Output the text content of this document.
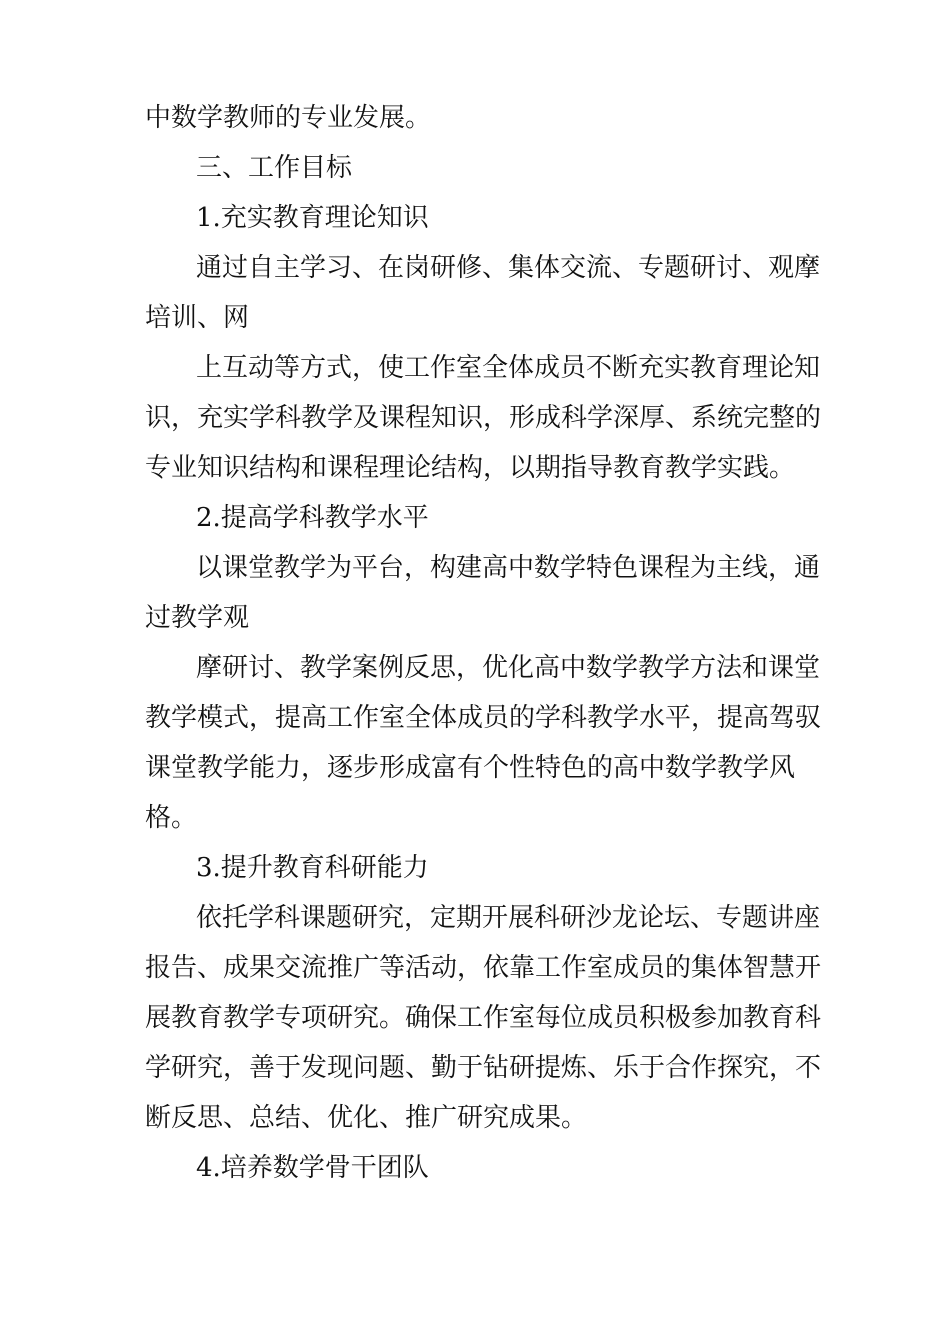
中数学教师的专业发展。

三、工作目标

1.充实教育理论知识

通过自主学习、在岗研修、集体交流、专题研讨、观摩

培训、网

上互动等方式，使工作室全体成员不断充实教育理论知

识，充实学科教学及课程知识，形成科学深厚、系统完整的

专业知识结构和课程理论结构，以期指导教育教学实践。

2.提高学科教学水平

以课堂教学为平台，构建高中数学特色课程为主线，通

过教学观

摩研讨、教学案例反思，优化高中数学教学方法和课堂

教学模式，提高工作室全体成员的学科教学水平，提高驾驭

课堂教学能力，逐步形成富有个性特色的高中数学教学风

格。

3.提升教育科研能力

依托学科课题研究，定期开展科研沙龙论坛、专题讲座

报告、成果交流推广等活动，依靠工作室成员的集体智慧开

展教育教学专项研究。确保工作室每位成员积极参加教育科

学研究，善于发现问题、勤于钻研提炼、乐于合作探究，不

断反思、总结、优化、推广研究成果。

4.培养数学骨干团队
